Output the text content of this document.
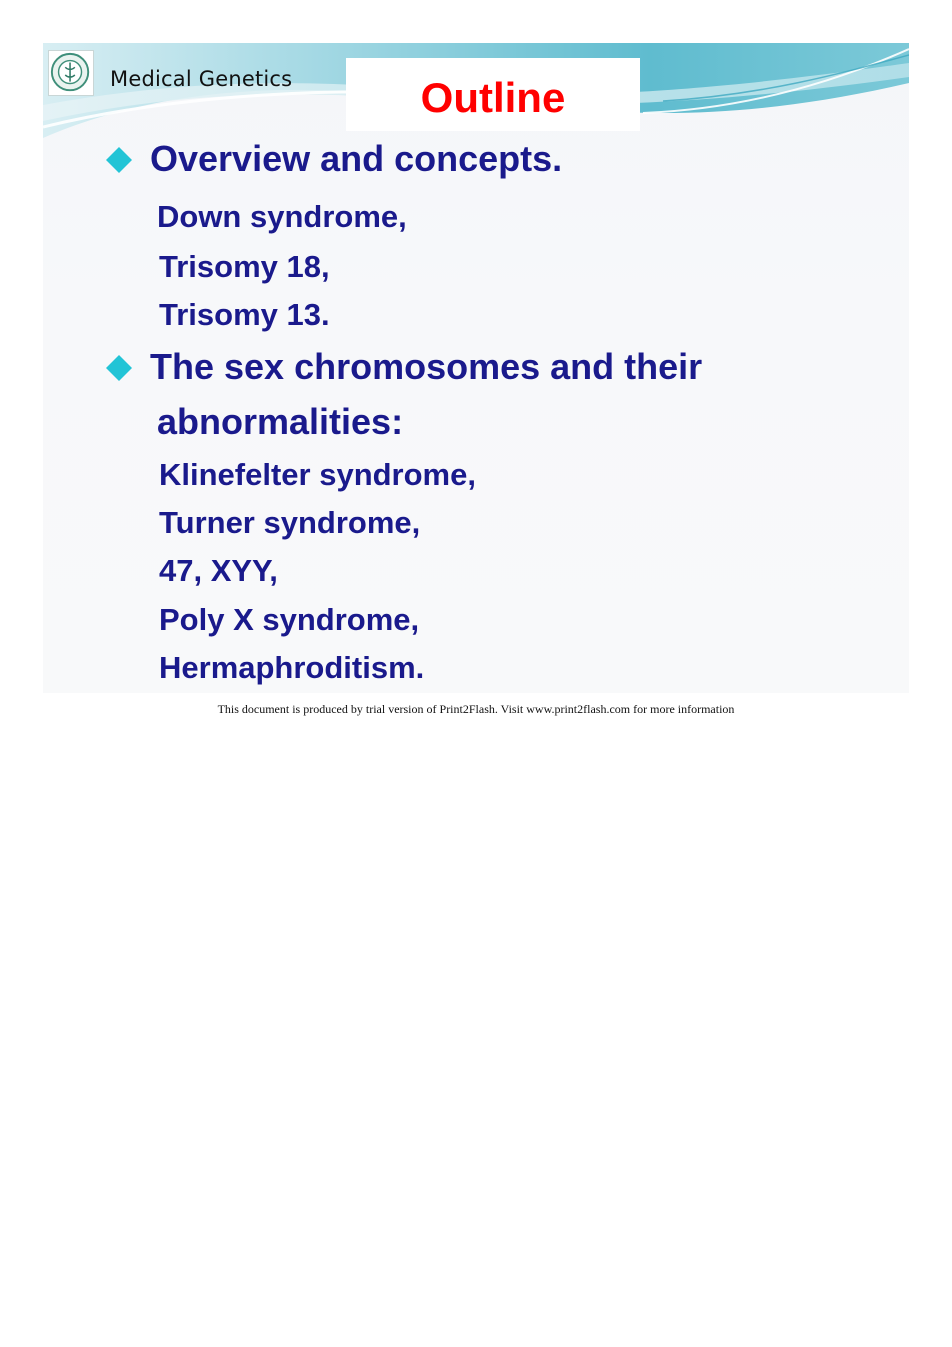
Medical Genetics	Outline
Overview and concepts.
Down syndrome,
Trisomy 18,
Trisomy 13.
The sex chromosomes and their
abnormalities:
Klinefelter syndrome,
Turner syndrome,
47, XYY,
Poly X syndrome,
Hermaphroditism.
This document is produced by trial version of Print2Flash. Visit www.print2flash.com for more information
